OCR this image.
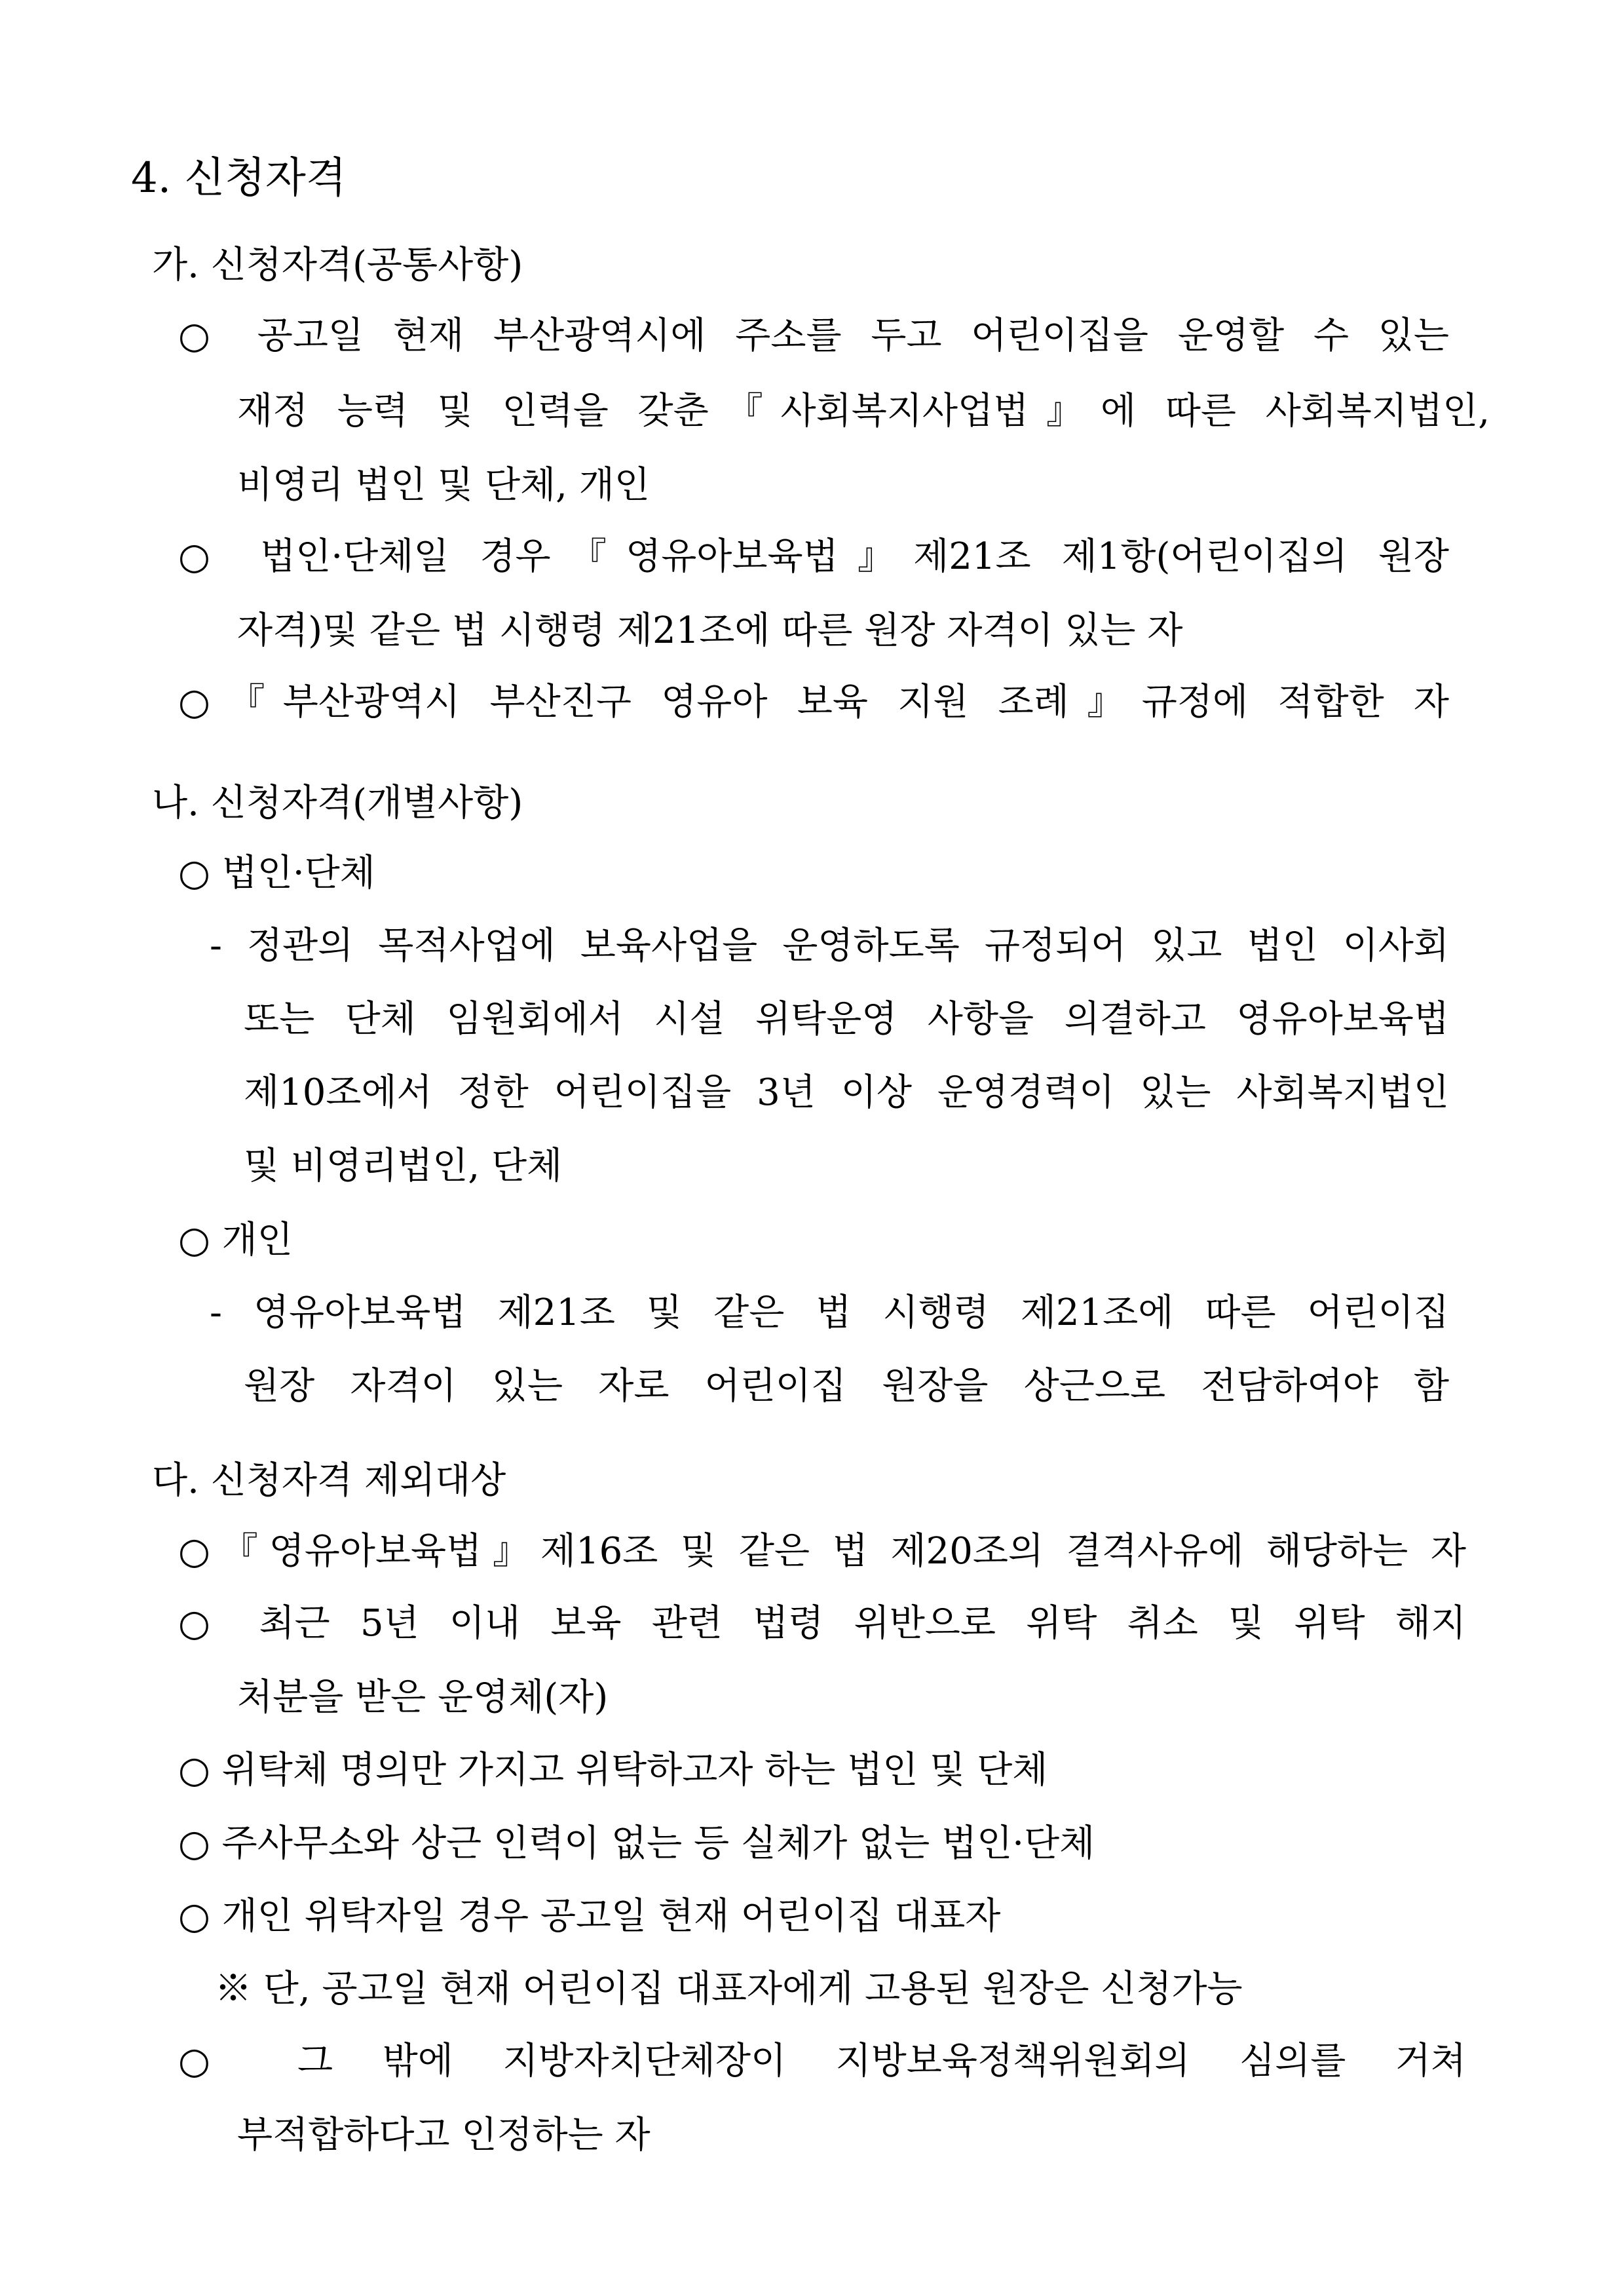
4. 신청자격
가. 신청자격(공통사항)
○ 공고일 현재 부산광역시에 주소를 두고 어린이집을 운영할 수 있는
재정 능력 및 인력을 갖춘『사회복지사업법』에 따른 사회복지법인,
비영리 법인 및 단체, 개인
○ 법인·단체일 경우『영유아보육법』제21조 제1항(어린이집의 원장
자격)및 같은 법 시행령 제21조에 따른 원장 자격이 있는 자
○『부산광역시 부산진구 영유아 보육 지원 조례』규정에 적합한 자
나. 신청자격(개별사항)
○ 법인·단체
- 정관의 목적사업에 보육사업을 운영하도록 규정되어 있고 법인 이사회
또는 단체 임원회에서 시설 위탁운영 사항을 의결하고 영유아보육법
제10조에서 정한 어린이집을 3년 이상 운영경력이 있는 사회복지법인
및 비영리법인, 단체
○ 개인
- 영유아보육법 제21조 및 같은 법 시행령 제21조에 따른 어린이집
원장 자격이 있는 자로 어린이집 원장을 상근으로 전담하여야 함
다. 신청자격 제외대상
○『영유아보육법』제16조 및 같은 법 제20조의 결격사유에 해당하는 자
○ 최근 5년 이내 보육 관련 법령 위반으로 위탁 취소 및 위탁 해지
처분을 받은 운영체(자)
○ 위탁체 명의만 가지고 위탁하고자 하는 법인 및 단체
○ 주사무소와 상근 인력이 없는 등 실체가 없는 법인·단체
○ 개인 위탁자일 경우 공고일 현재 어린이집 대표자
※ 단, 공고일 현재 어린이집 대표자에게 고용된 원장은 신청가능
○ 그 밖에 지방자치단체장이 지방보육정책위원회의 심의를 거쳐
부적합하다고 인정하는 자
